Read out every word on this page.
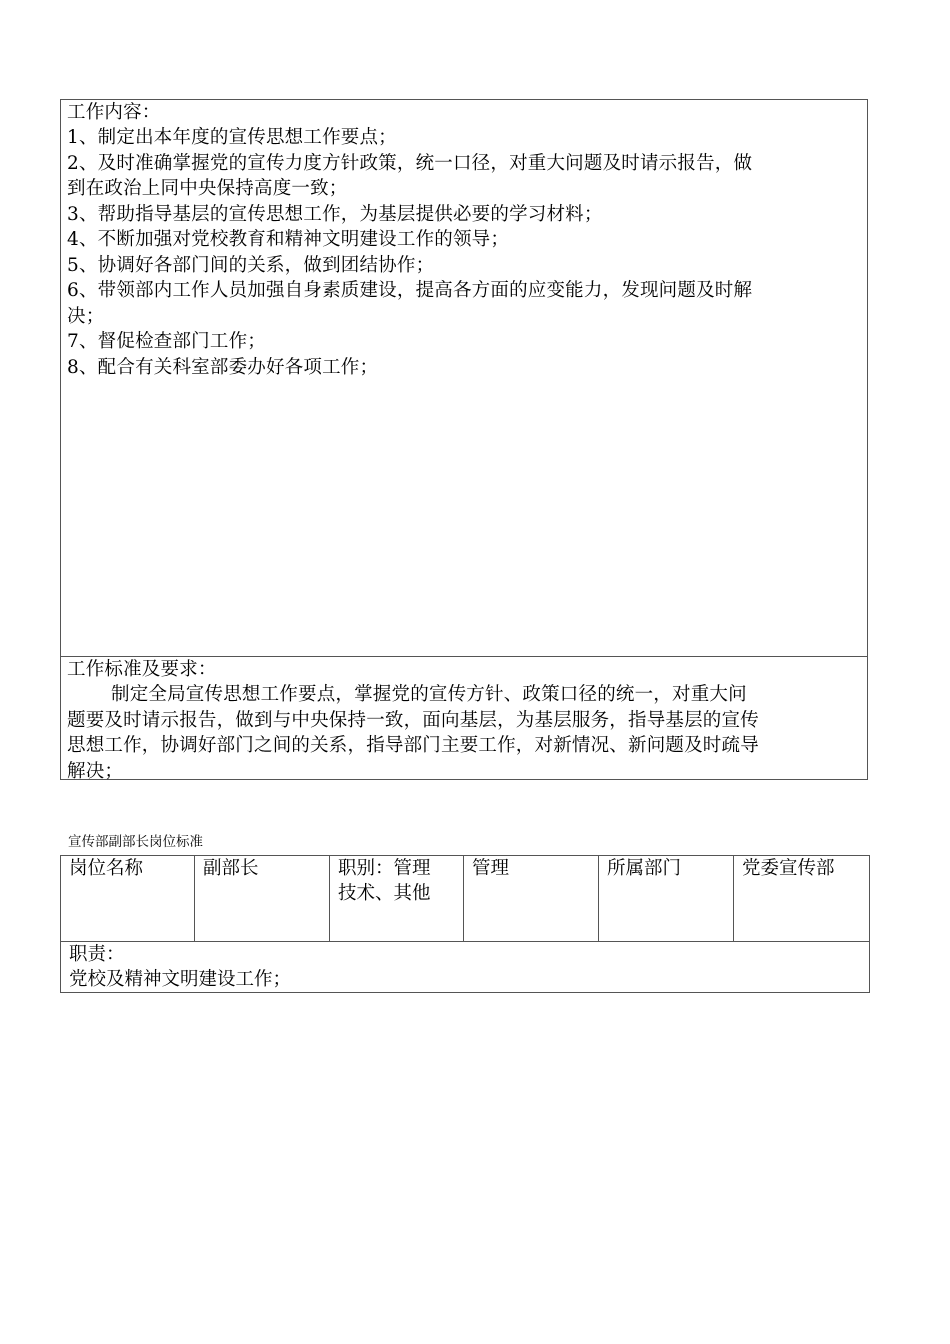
工作内容：
1、制定出本年度的宣传思想工作要点；
2、及时准确掌握党的宣传力度方针政策，统一口径，对重大问题及时请示报告，做
到在政治上同中央保持高度一致；
3、帮助指导基层的宣传思想工作，为基层提供必要的学习材料；
4、不断加强对党校教育和精神文明建设工作的领导；
5、协调好各部门间的关系，做到团结协作；
6、带领部内工作人员加强自身素质建设，提高各方面的应变能力，发现问题及时解
决；
7、督促检查部门工作；
8、配合有关科室部委办好各项工作；
工作标准及要求：
制定全局宣传思想工作要点，掌握党的宣传方针、政策口径的统一，对重大问
题要及时请示报告，做到与中央保持一致，面向基层，为基层服务，指导基层的宣传
思想工作，协调好部门之间的关系，指导部门主要工作，对新情况、新问题及时疏导
解决；
宣传部副部长岗位标准
岗位名称	副部长	职别：管理
技术、其他
	管理	所属部门	党委宣传部

职责：
党校及精神文明建设工作；
